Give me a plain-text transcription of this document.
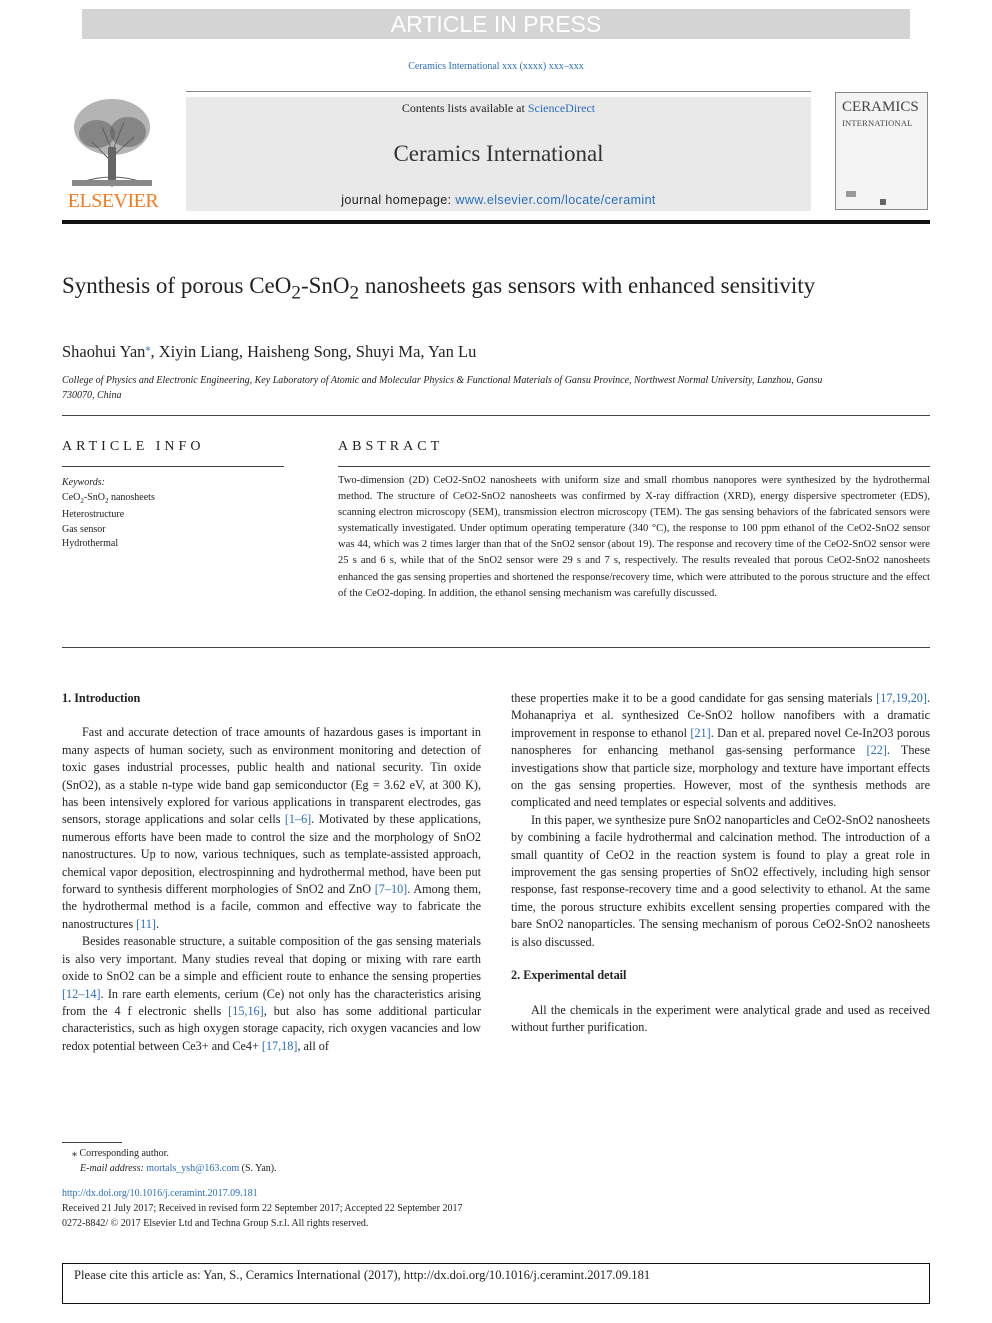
ARTICLE IN PRESS
Ceramics International xxx (xxxx) xxx–xxx
ELSEVIER
Contents lists available at ScienceDirect
Ceramics International
journal homepage: www.elsevier.com/locate/ceramint
CERAMICS
INTERNATIONAL
Synthesis of porous CeO$_2$-SnO$_2$ nanosheets gas sensors with enhanced sensitivity
Shaohui Yan⁎, Xiyin Liang, Haisheng Song, Shuyi Ma, Yan Lu
College of Physics and Electronic Engineering, Key Laboratory of Atomic and Molecular Physics & Functional Materials of Gansu Province, Northwest Normal University, Lanzhou, Gansu 730070, China
ARTICLE INFO	ABSTRACT
Keywords:
CeO$_2$-SnO$_2$ nanosheets
Heterostructure
Gas sensor
Hydrothermal
Two-dimension (2D) CeO2-SnO2 nanosheets with uniform size and small rhombus nanopores were synthesized by the hydrothermal method. The structure of CeO2-SnO2 nanosheets was confirmed by X-ray diffraction (XRD), energy dispersive spectrometer (EDS), scanning electron microscopy (SEM), transmission electron microscopy (TEM). The gas sensing behaviors of the fabricated sensors were systematically investigated. Under optimum operating temperature (340 °C), the response to 100 ppm ethanol of the CeO2-SnO2 sensor was 44, which was 2 times larger than that of the SnO2 sensor (about 19). The response and recovery time of the CeO2-SnO2 sensor were 25 s and 6 s, while that of the SnO2 sensor were 29 s and 7 s, respectively. The results revealed that porous CeO2-SnO2 nanosheets enhanced the gas sensing properties and shortened the response/recovery time, which were attributed to the porous structure and the effect of the CeO2-doping. In addition, the ethanol sensing mechanism was carefully discussed.
1. Introduction

Fast and accurate detection of trace amounts of hazardous gases is important in many aspects of human society, such as environment monitoring and detection of toxic gases industrial processes, public health and national security. Tin oxide (SnO2), as a stable n-type wide band gap semiconductor (Eg = 3.62 eV, at 300 K), has been intensively explored for various applications in transparent electrodes, gas sensors, storage applications and solar cells [1–6]. Motivated by these applications, numerous efforts have been made to control the size and the morphology of SnO2 nanostructures. Up to now, various techniques, such as template-assisted approach, chemical vapor deposition, electrospinning and hydrothermal method, have been put forward to synthesis different morphologies of SnO2 and ZnO [7–10]. Among them, the hydrothermal method is a facile, common and effective way to fabricate the nanostructures [11].

Besides reasonable structure, a suitable composition of the gas sensing materials is also very important. Many studies reveal that doping or mixing with rare earth oxide to SnO2 can be a simple and efficient route to enhance the sensing properties [12–14]. In rare earth elements, cerium (Ce) not only has the characteristics arising from the 4 f electronic shells [15,16], but also has some additional particular characteristics, such as high oxygen storage capacity, rich oxygen vacancies and low redox potential between Ce3+ and Ce4+ [17,18], all of

these properties make it to be a good candidate for gas sensing materials [17,19,20]. Mohanapriya et al. synthesized Ce-SnO2 hollow nanofibers with a dramatic improvement in response to ethanol [21]. Dan et al. prepared novel Ce-In2O3 porous nanospheres for enhancing methanol gas-sensing performance [22]. These investigations show that particle size, morphology and texture have important effects on the gas sensing properties. However, most of the synthesis methods are complicated and need templates or especial solvents and additives.

In this paper, we synthesize pure SnO2 nanoparticles and CeO2-SnO2 nanosheets by combining a facile hydrothermal and calcination method. The introduction of a small quantity of CeO2 in the reaction system is found to play a great role in improvement the gas sensing properties of SnO2 effectively, including high sensor response, fast response-recovery time and a good selectivity to ethanol. At the same time, the porous structure exhibits excellent sensing properties compared with the bare SnO2 nanoparticles. The sensing mechanism of porous CeO2-SnO2 nanosheets is also discussed.

2. Experimental detail

All the chemicals in the experiment were analytical grade and used as received without further purification.

⁎ Corresponding author.
E-mail address: mortals_ysh@163.com (S. Yan).
http://dx.doi.org/10.1016/j.ceramint.2017.09.181
Received 21 July 2017; Received in revised form 22 September 2017; Accepted 22 September 2017
0272-8842/ © 2017 Elsevier Ltd and Techna Group S.r.l. All rights reserved.
Please cite this article as: Yan, S., Ceramics International (2017), http://dx.doi.org/10.1016/j.ceramint.2017.09.181
